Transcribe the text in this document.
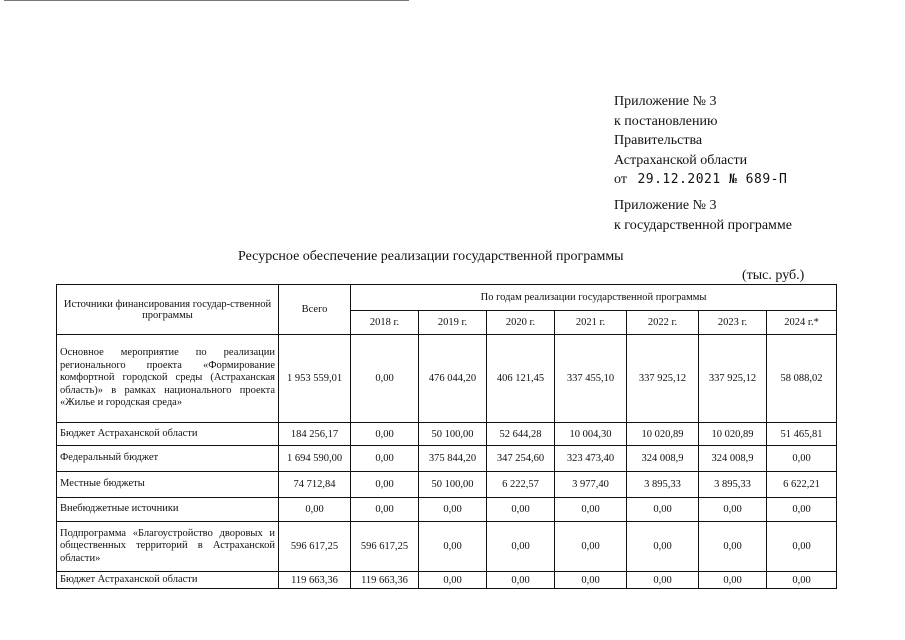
Приложение № 3
к постановлению
Правительства
Астраханской области
от 29.12.2021 № 689-П
Приложение № 3
к государственной программе
Ресурсное обеспечение реализации государственной программы
(тыс. руб.)
Источники финансирования государ-ственной программы	Всего	По годам реализации государственной программы						
		2018 г.	2019 г.	2020 г.	2021 г.	2022 г.	2023 г.	2024 г.*
Основное мероприятие по реализации регионального проекта «Формирование комфортной городской среды (Астраханская область)» в рамках национального проекта «Жилье и городская среда»	1 953 559,01	0,00	476 044,20	406 121,45	337 455,10	337 925,12	337 925,12	58 088,02
Бюджет Астраханской области	184 256,17	0,00	50 100,00	52 644,28	10 004,30	10 020,89	10 020,89	51 465,81
Федеральный бюджет	1 694 590,00	0,00	375 844,20	347 254,60	323 473,40	324 008,9	324 008,9	0,00
Местные бюджеты	74 712,84	0,00	50 100,00	6 222,57	3 977,40	3 895,33	3 895,33	6 622,21
Внебюджетные источники	0,00	0,00	0,00	0,00	0,00	0,00	0,00	0,00
Подпрограмма «Благоустройство дворовых и общественных территорий в Астраханской области»	596 617,25	596 617,25	0,00	0,00	0,00	0,00	0,00	0,00
Бюджет Астраханской области	119 663,36	119 663,36	0,00	0,00	0,00	0,00	0,00	0,00
